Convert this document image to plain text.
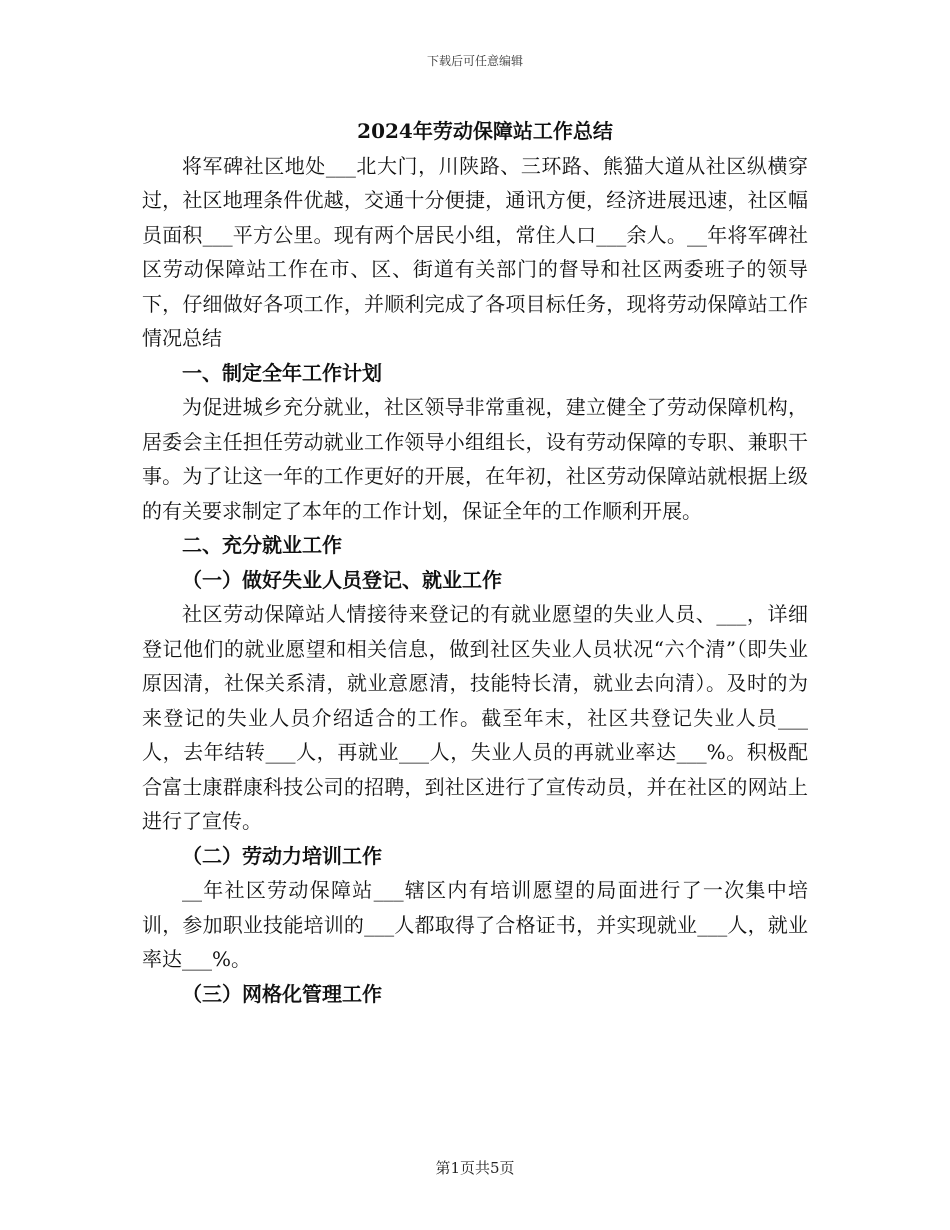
下载后可任意编辑

2024年劳动保障站工作总结

将军碑社区地处___北大门，川陕路、三环路、熊猫大道从社区纵横穿过，社区地理条件优越，交通十分便捷，通讯方便，经济进展迅速，社区幅员面积___平方公里。现有两个居民小组，常住人口___余人。__年将军碑社区劳动保障站工作在市、区、街道有关部门的督导和社区两委班子的领导下，仔细做好各项工作，并顺利完成了各项目标任务，现将劳动保障站工作情况总结

一、制定全年工作计划

为促进城乡充分就业，社区领导非常重视，建立健全了劳动保障机构，居委会主任担任劳动就业工作领导小组组长，设有劳动保障的专职、兼职干事。为了让这一年的工作更好的开展，在年初，社区劳动保障站就根据上级的有关要求制定了本年的工作计划，保证全年的工作顺利开展。

二、充分就业工作

（一）做好失业人员登记、就业工作

社区劳动保障站人情接待来登记的有就业愿望的失业人员、___，详细登记他们的就业愿望和相关信息，做到社区失业人员状况“六个清”（即失业原因清，社保关系清，就业意愿清，技能特长清，就业去向清）。及时的为来登记的失业人员介绍适合的工作。截至年末，社区共登记失业人员___人，去年结转___人，再就业___人，失业人员的再就业率达___%。积极配合富士康群康科技公司的招聘，到社区进行了宣传动员，并在社区的网站上进行了宣传。

（二）劳动力培训工作

__年社区劳动保障站___辖区内有培训愿望的局面进行了一次集中培训，参加职业技能培训的___人都取得了合格证书，并实现就业___人，就业率达___%。

（三）网格化管理工作

第1页共5页
